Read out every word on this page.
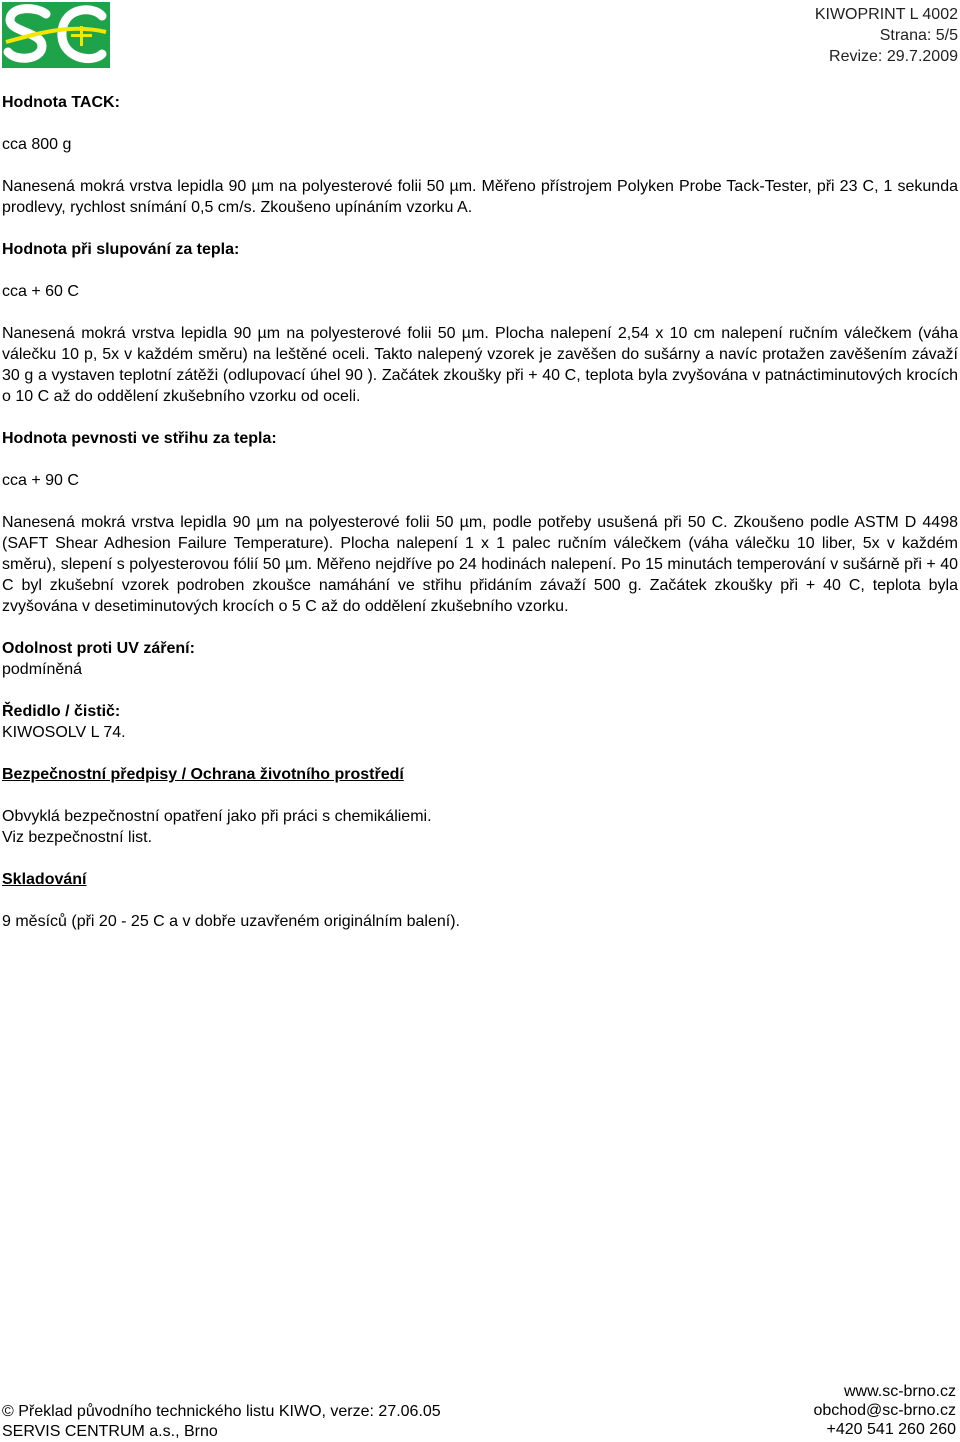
KIWOPRINT L 4002
Strana: 5/5
Revize: 29.7.2009

Hodnota TACK:

cca 800 g

Nanesená mokrá vrstva lepidla 90 µm na polyesterové folii 50 µm. Měřeno přístrojem Polyken Probe Tack-Tester, při 23 C, 1 sekunda prodlevy, rychlost snímání 0,5 cm/s. Zkoušeno upínáním vzorku A.

Hodnota při slupování za tepla:

cca + 60 C

Nanesená mokrá vrstva lepidla 90 µm na polyesterové folii 50 µm. Plocha nalepení 2,54 x 10 cm nalepení ručním válečkem (váha válečku 10 p, 5x v každém směru) na leštěné oceli. Takto nalepený vzorek je zavěšen do sušárny a navíc protažen zavěšením závaží 30 g a vystaven teplotní zátěži (odlupovací úhel 90 ). Začátek zkoušky při + 40 C, teplota byla zvyšována v patnáctiminutových krocích o 10 C až do oddělení zkušebního vzorku od oceli.

Hodnota pevnosti ve střihu za tepla:

cca + 90 C

Nanesená mokrá vrstva lepidla 90 µm na polyesterové folii 50 µm, podle potřeby usušená při 50 C. Zkoušeno podle ASTM D 4498 (SAFT Shear Adhesion Failure Temperature). Plocha nalepení 1 x 1 palec ručním válečkem (váha válečku 10 liber, 5x v každém směru), slepení s polyesterovou fólií 50 µm. Měřeno nejdříve po 24 hodinách nalepení. Po 15 minutách temperování v sušárně při + 40 C byl zkušební vzorek podroben zkoušce namáhání ve střihu přidáním závaží 500 g. Začátek zkoušky při + 40 C, teplota byla zvyšována v desetiminutových krocích o 5 C až do oddělení zkušebního vzorku.

Odolnost proti UV záření:

podmíněná

Ředidlo / čistič:

KIWOSOLV L 74.

Bezpečnostní předpisy / Ochrana životního prostředí

Obvyklá bezpečnostní opatření jako při práci s chemikáliemi.

Viz bezpečnostní list.

Skladování

9 měsíců (při 20 - 25 C a v dobře uzavřeném originálním balení).

© Překlad původního technického listu KIWO, verze: 27.06.05
SERVIS CENTRUM a.s., Brno
www.sc-brno.cz
obchod@sc-brno.cz
+420 541 260 260
